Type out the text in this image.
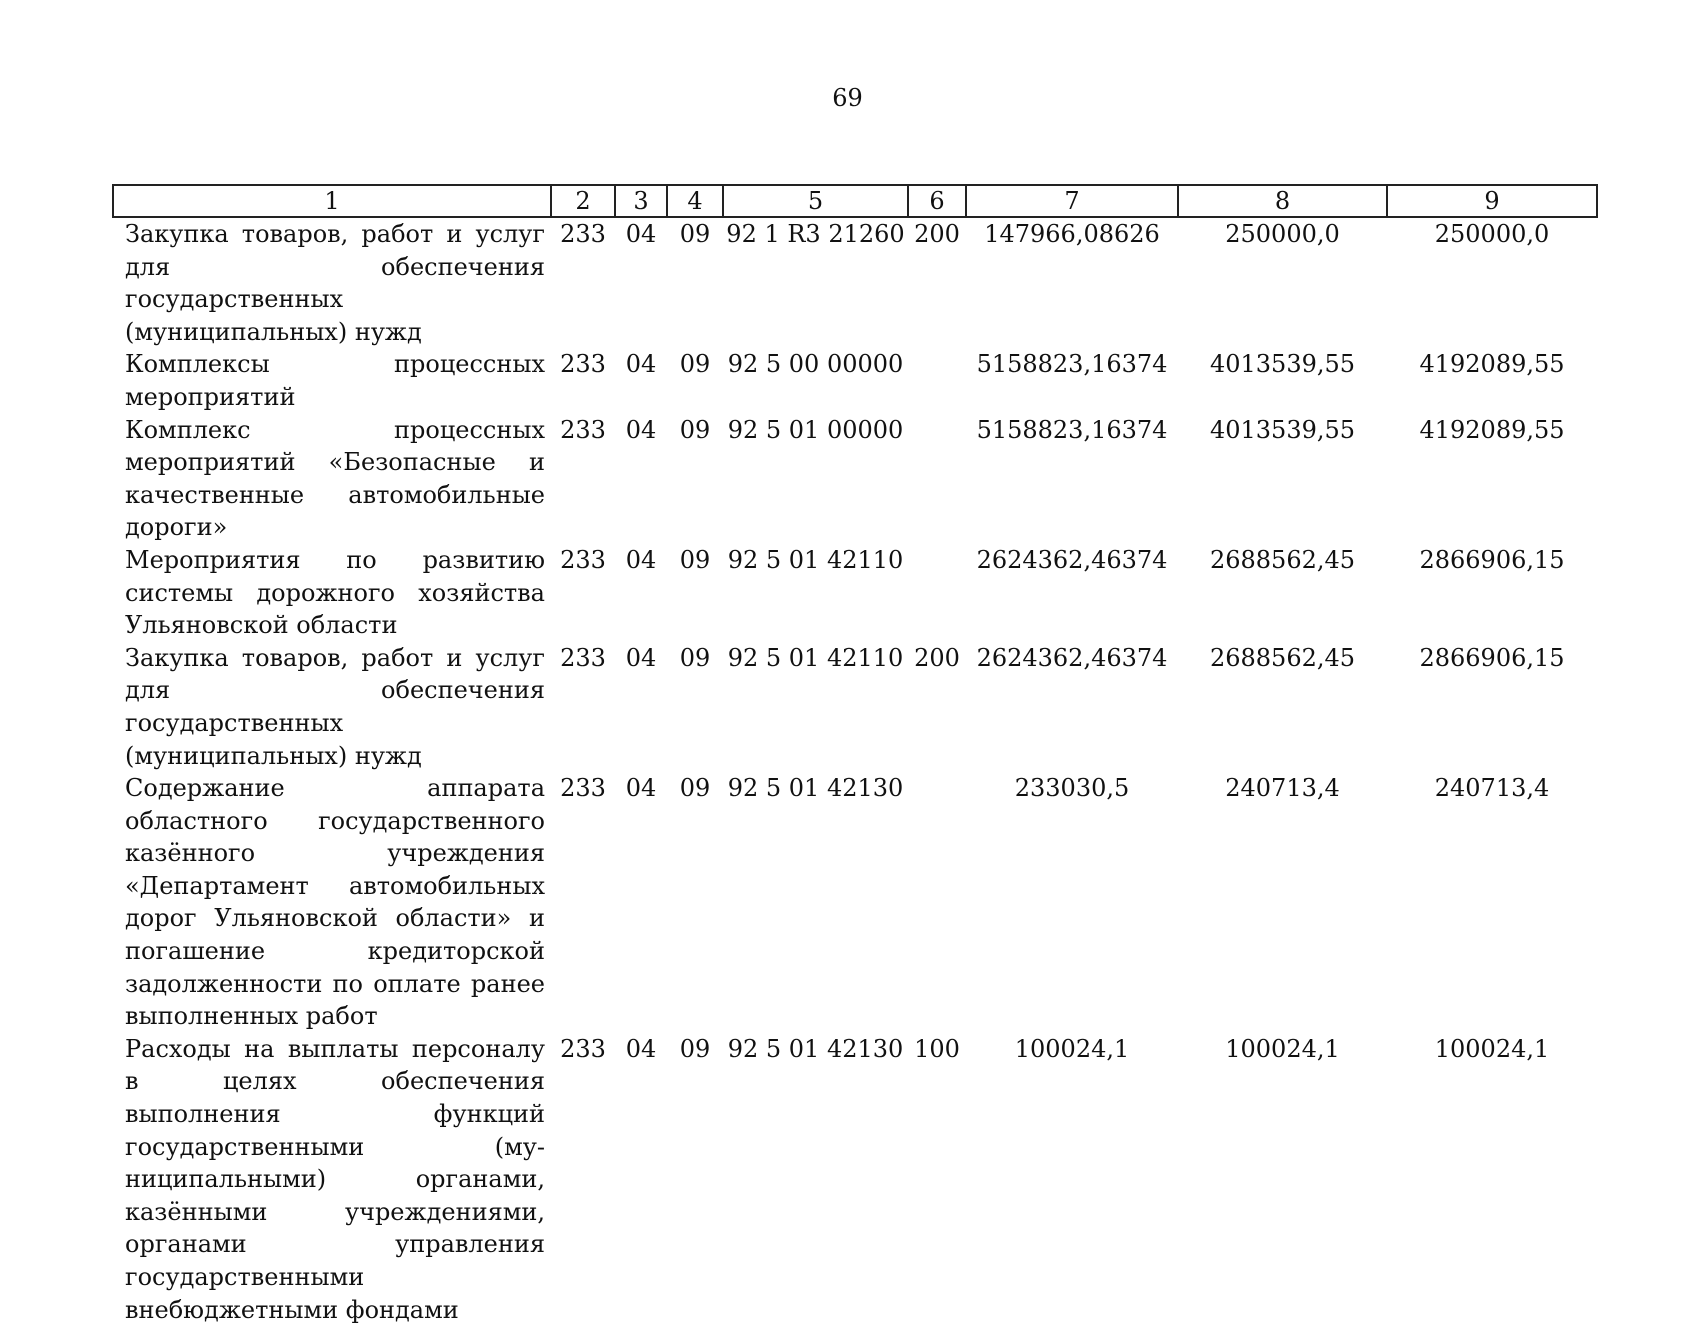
69
1	2	3	4	5	6	7	8	9
Закупка товаров, работ и услуг для обеспечения государственных (муниципальных) нужд	233	04	09	92 1 R3 21260	200	147966,08626	250000,0	250000,0
Комплексы процессных мероприятий	233	04	09	92 5 00 00000		5158823,16374	4013539,55	4192089,55
Комплекс процессных мероприятий «Безопасные и качественные автомобильные дороги»	233	04	09	92 5 01 00000		5158823,16374	4013539,55	4192089,55
Мероприятия по развитию системы дорожного хозяйства Ульяновской области	233	04	09	92 5 01 42110		2624362,46374	2688562,45	2866906,15
Закупка товаров, работ и услуг для обеспечения государственных (муниципальных) нужд	233	04	09	92 5 01 42110	200	2624362,46374	2688562,45	2866906,15
Содержание аппарата областного государственного казённого учреждения «Департамент автомобильных дорог Ульяновской области» и погашение кредиторской задолженности по оплате ранее выполненных работ	233	04	09	92 5 01 42130		233030,5	240713,4	240713,4
Расходы на выплаты персоналу в целях обеспечения выполнения функций государственными (муниципальными) органами, казёнными учреждениями, органами управления государственными внебюджетными фондами	233	04	09	92 5 01 42130	100	100024,1	100024,1	100024,1
